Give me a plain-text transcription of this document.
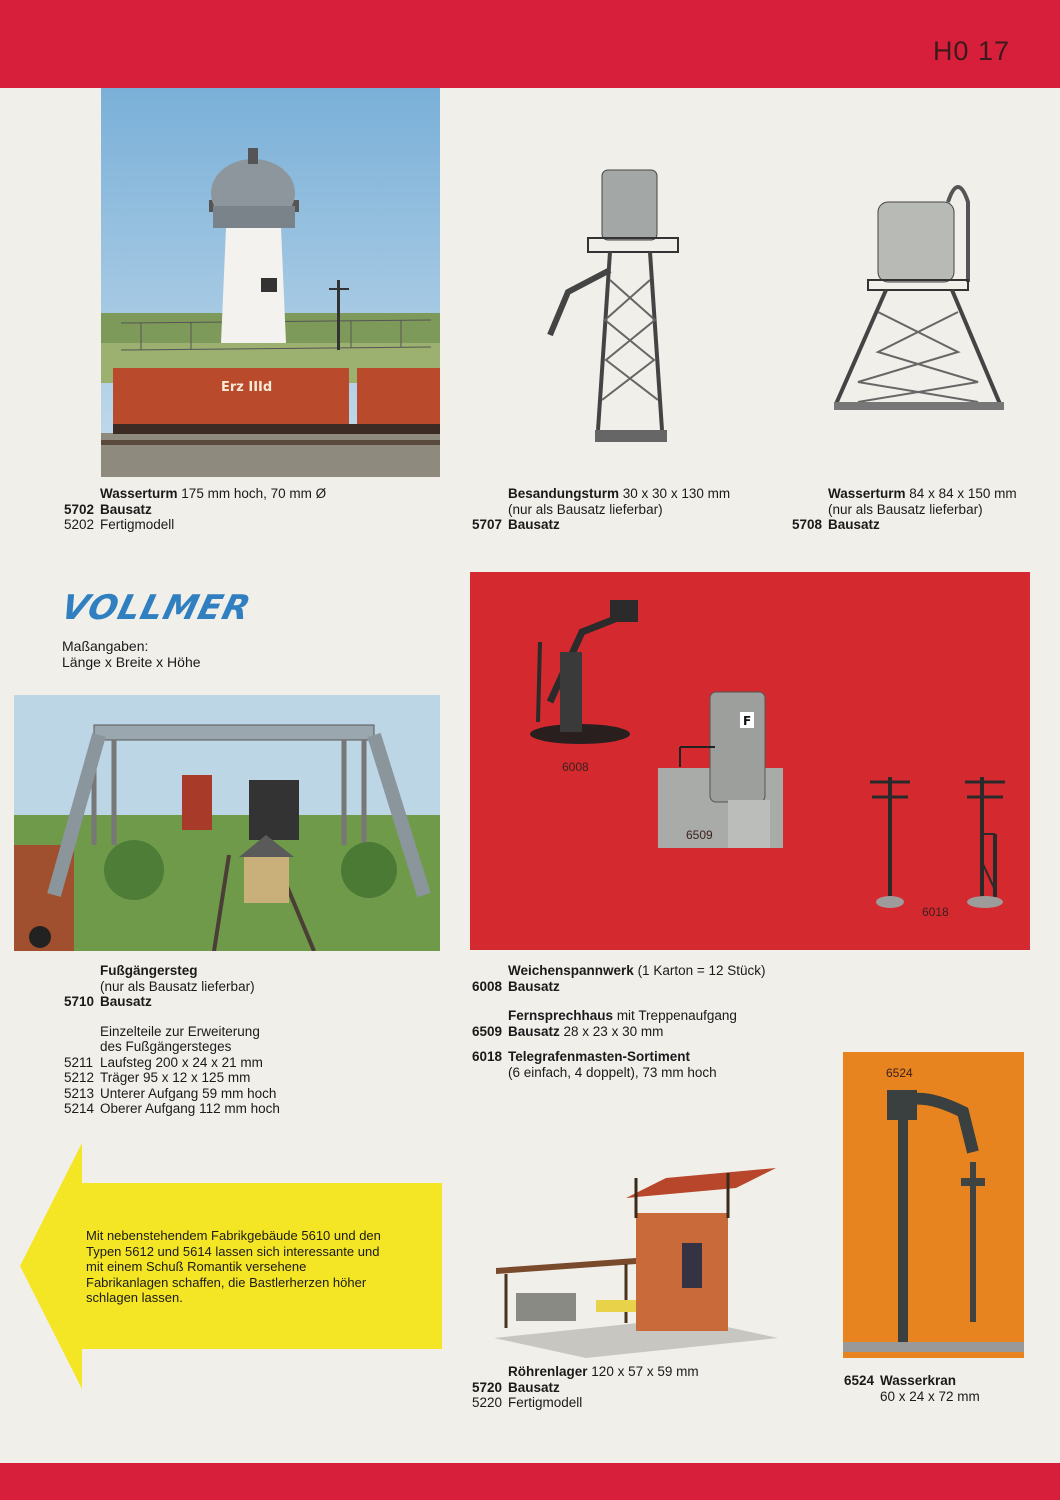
H0 17
Erz IIId
Wasserturm 175 mm hoch, 70 mm Ø
5702 Bausatz
5202 Fertigmodell
Besandungsturm 30 x 30 x 130 mm
(nur als Bausatz lieferbar)
5707 Bausatz
Wasserturm 84 x 84 x 150 mm
(nur als Bausatz lieferbar)
5708 Bausatz
VOLLMER
Maßangaben:
Länge x Breite x Höhe
F
6008
6509
6018
Fußgängersteg
(nur als Bausatz lieferbar)
5710 Bausatz
Einzelteile zur Erweiterung
des Fußgängersteges
5211 Laufsteg 200 x 24 x 21 mm
5212 Träger 95 x 12 x 125 mm
5213 Unterer Aufgang 59 mm hoch
5214 Oberer Aufgang 112 mm hoch
Weichenspannwerk (1 Karton = 12 Stück)
6008 Bausatz
Fernsprechhaus mit Treppenaufgang
6509 Bausatz
28 x 23 x 30 mm
6018 Telegrafenmasten-Sortiment
(6 einfach, 4 doppelt), 73 mm hoch
Mit nebenstehendem Fabrikgebäude 5610 und den Typen 5612 und 5614 lassen sich interessante und mit einem Schuß Romantik versehene Fabrikanlagen schaffen, die Bastlerherzen höher schlagen lassen.
6524
Röhrenlager 120 x 57 x 59 mm
5720 Bausatz
5220 Fertigmodell
6524 Wasserkran
60 x 24 x 72 mm
